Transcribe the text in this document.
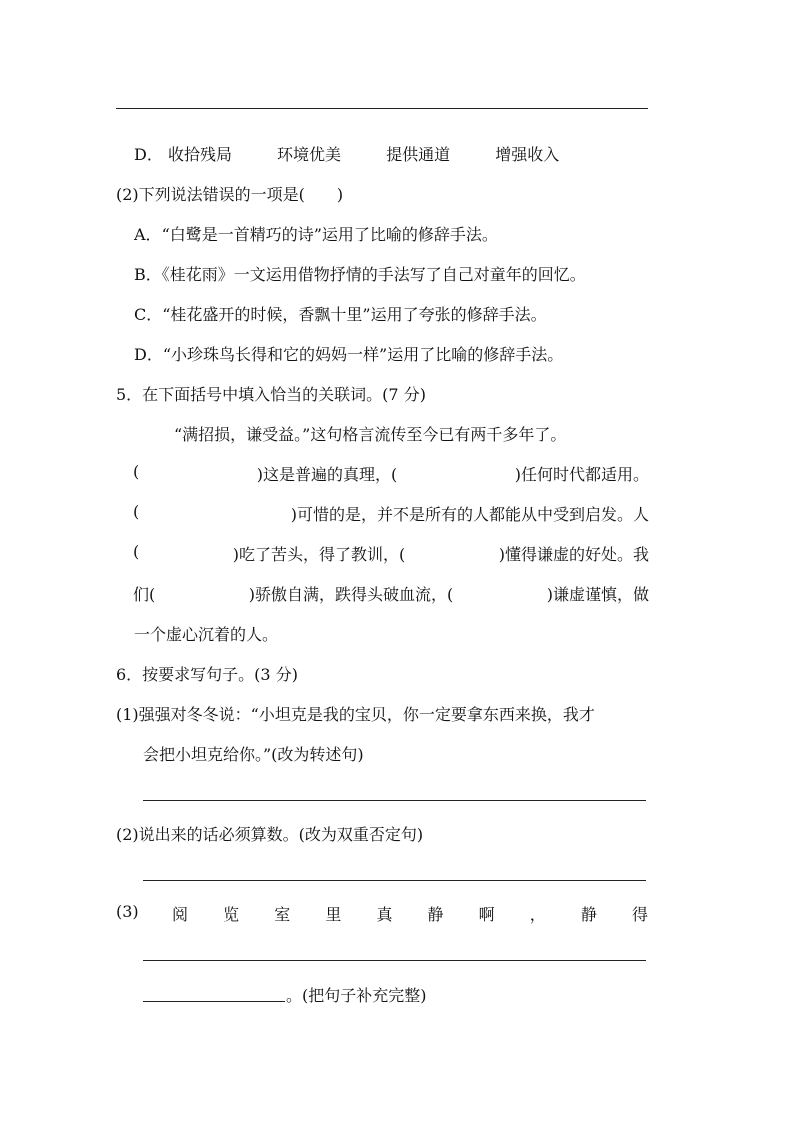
D． 收拾残局	环境优美	提供通道	增强收入
(2)下列说法错误的一项是(　　)
A．“白鹭是一首精巧的诗”运用了比喻的修辞手法。
B．《桂花雨》一文运用借物抒情的手法写了自己对童年的回忆。
C．“桂花盛开的时候，香飘十里”运用了夸张的修辞手法。
D．“小珍珠鸟长得和它的妈妈一样”运用了比喻的修辞手法。
5．在下面括号中填入恰当的关联词。(7 分)
“满招损，谦受益。”这句格言流传至今已有两千多年了。
(	)这是普遍的真理，(	)任何时代都适用。
(	)可惜的是，并不是所有的人都能从中受到启发。人
(	)吃了苦头，得了教训，(	)懂得谦虚的好处。我
们(	)骄傲自满，跌得头破血流，(	)谦虚谨慎，做
一个虚心沉着的人。
6．按要求写句子。(3 分)
(1)强强对冬冬说：“小坦克是我的宝贝，你一定要拿东西来换，我才
会把小坦克给你。”(改为转述句)
(2)说出来的话必须算数。(改为双重否定句)
(3) 阅 览 室 里 真 静 啊 ， 静 得
。(把句子补充完整)
